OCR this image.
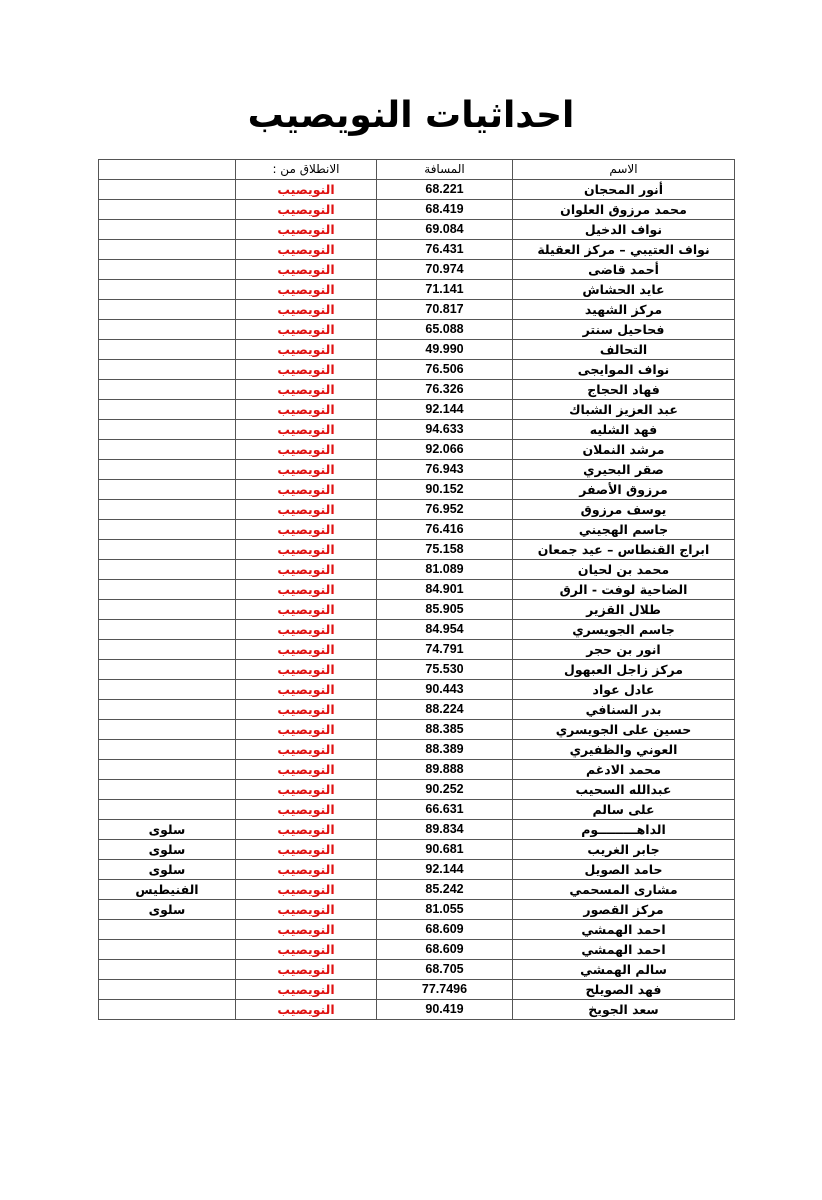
احداثيات النويصيب
الاسم	المسافة	الانطلاق من :	
أنور المحجان	68.221	النويصيب	
محمد مرزوق العلوان	68.419	النويصيب	
نواف الدخيل	69.084	النويصيب	
نواف العتيبي – مركز العقيلة	76.431	النويصيب	
أحمد قاضى	70.974	النويصيب	
عايد الحشاش	71.141	النويصيب	
مركز الشهيد	70.817	النويصيب	
فحاحيل سنتر	65.088	النويصيب	
التحالف	49.990	النويصيب	
نواف الموايجى	76.506	النويصيب	
فهاد الحجاج	76.326	النويصيب	
عبد العزيز الشباك	92.144	النويصيب	
فهد الشليه	94.633	النويصيب	
مرشد النملان	92.066	النويصيب	
صقر البحيري	76.943	النويصيب	
مرزوق الأصفر	90.152	النويصيب	
يوسف مرزوق	76.952	النويصيب	
جاسم الهجيني	76.416	النويصيب	
ابراج القنطاس – عيد جمعان	75.158	النويصيب	
محمد بن لحيان	81.089	النويصيب	
الضاحية لوفت - الرق	84.901	النويصيب	
طلال القزير	85.905	النويصيب	
جاسم الجويسري	84.954	النويصيب	
انور بن حجر	74.791	النويصيب	
مركز زاجل العبهول	75.530	النويصيب	
عادل عواد	90.443	النويصيب	
بدر السنافي	88.224	النويصيب	
حسين على الجويسري	88.385	النويصيب	
العوني والظفيري	88.389	النويصيب	
محمد الادغم	89.888	النويصيب	
عبدالله السحيب	90.252	النويصيب	
على سالم	66.631	النويصيب	
الداهـــــــــوم	89.834	النويصيب	سلوى
جابر الغريب	90.681	النويصيب	سلوى
حامد الصويل	92.144	النويصيب	سلوى
مشارى المسحمي	85.242	النويصيب	الفنيطيس
مركز القصور	81.055	النويصيب	سلوى
احمد الهمشي	68.609	النويصيب	
احمد الهمشي	68.609	النويصيب	
سالم الهمشي	68.705	النويصيب	
فهد الصويلح	77.7496	النويصيب	
سعد الجويخ	90.419	النويصيب	
